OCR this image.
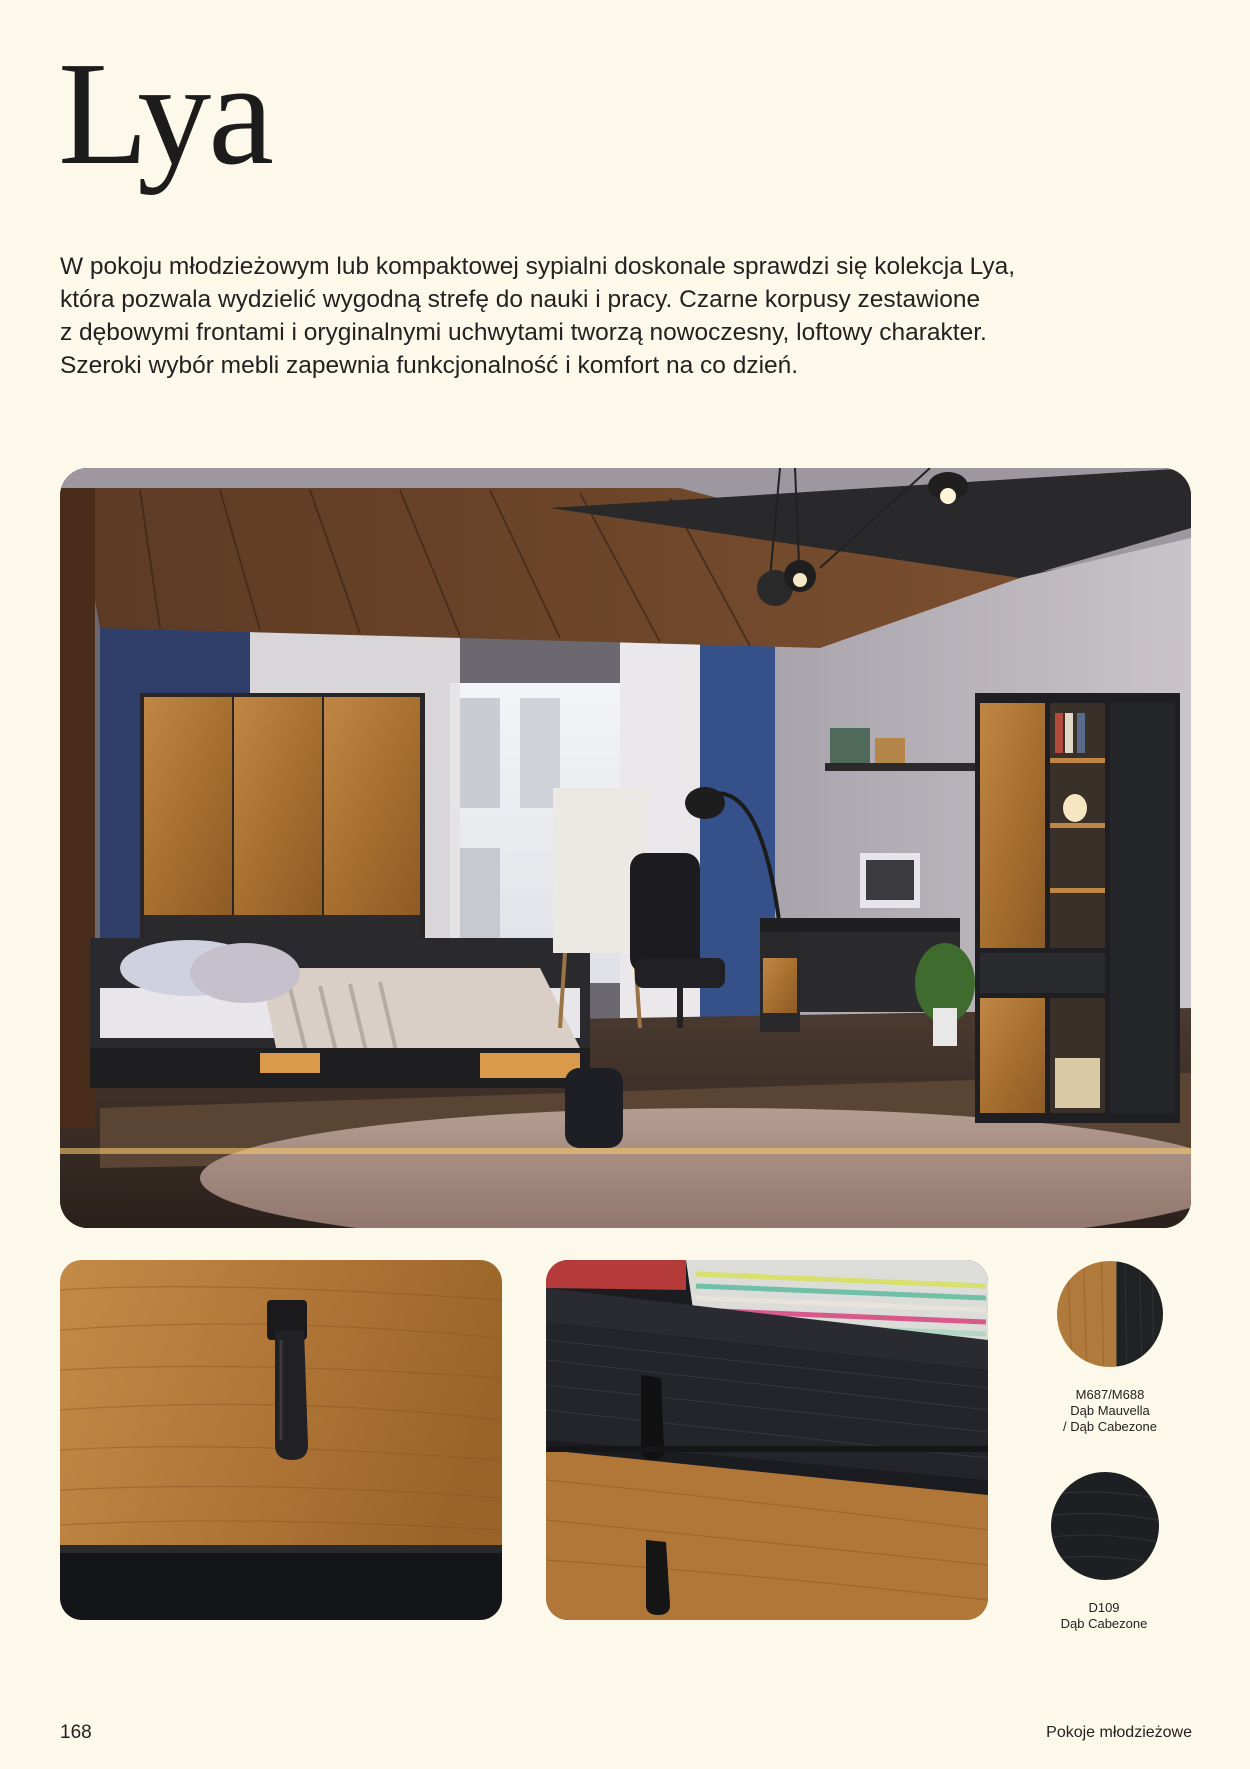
Lya
W pokoju młodzieżowym lub kompaktowej sypialni doskonale sprawdzi się kolekcja Lya,
która pozwala wydzielić wygodną strefę do nauki i pracy. Czarne korpusy zestawione
z dębowymi frontami i oryginalnymi uchwytami tworzą nowoczesny, loftowy charakter.
Szeroki wybór mebli zapewnia funkcjonalność i komfort na co dzień.
M687/M688
Dąb Mauvella
/ Dąb Cabezone
D109
Dąb Cabezone
168	Pokoje młodzieżowe
